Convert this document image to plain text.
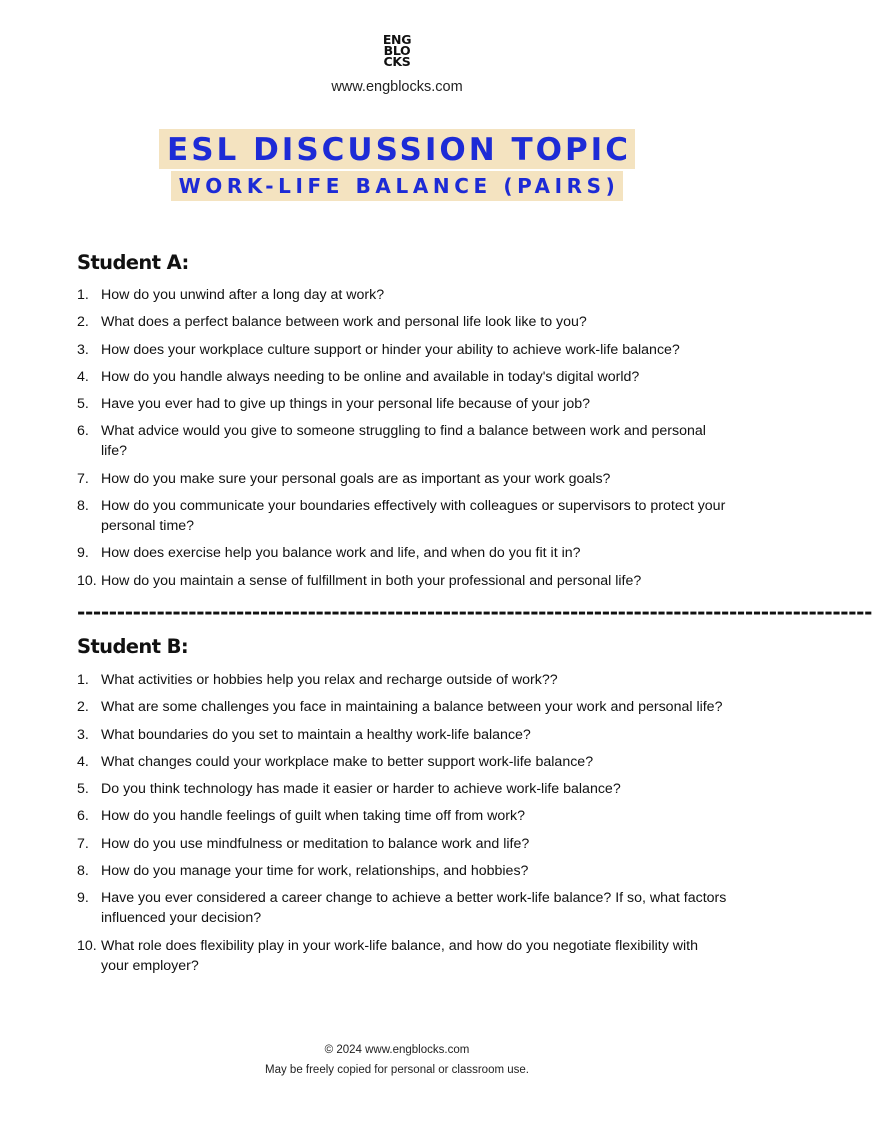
ENG
BLO
CKS
www.engblocks.com
ESL DISCUSSION TOPIC
WORK-LIFE BALANCE (PAIRS)
Student A:
1. How do you unwind after a long day at work?
2. What does a perfect balance between work and personal life look like to you?
3. How does your workplace culture support or hinder your ability to achieve work-life balance?
4. How do you handle always needing to be online and available in today's digital world?
5. Have you ever had to give up things in your personal life because of your job?
6. What advice would you give to someone struggling to find a balance between work and personal life?
7. How do you make sure your personal goals are as important as your work goals?
8. How do you communicate your boundaries effectively with colleagues or supervisors to protect your personal time?
9. How does exercise help you balance work and life, and when do you fit it in?
10. How do you maintain a sense of fulfillment in both your professional and personal life?
----------------------------------------------------------------------------------------------------
Student B:
1. What activities or hobbies help you relax and recharge outside of work??
2. What are some challenges you face in maintaining a balance between your work and personal life?
3. What boundaries do you set to maintain a healthy work-life balance?
4. What changes could your workplace make to better support work-life balance?
5. Do you think technology has made it easier or harder to achieve work-life balance?
6. How do you handle feelings of guilt when taking time off from work?
7. How do you use mindfulness or meditation to balance work and life?
8. How do you manage your time for work, relationships, and hobbies?
9. Have you ever considered a career change to achieve a better work-life balance? If so, what factors influenced your decision?
10. What role does flexibility play in your work-life balance, and how do you negotiate flexibility with your employer?
© 2024 www.engblocks.com
May be freely copied for personal or classroom use.
